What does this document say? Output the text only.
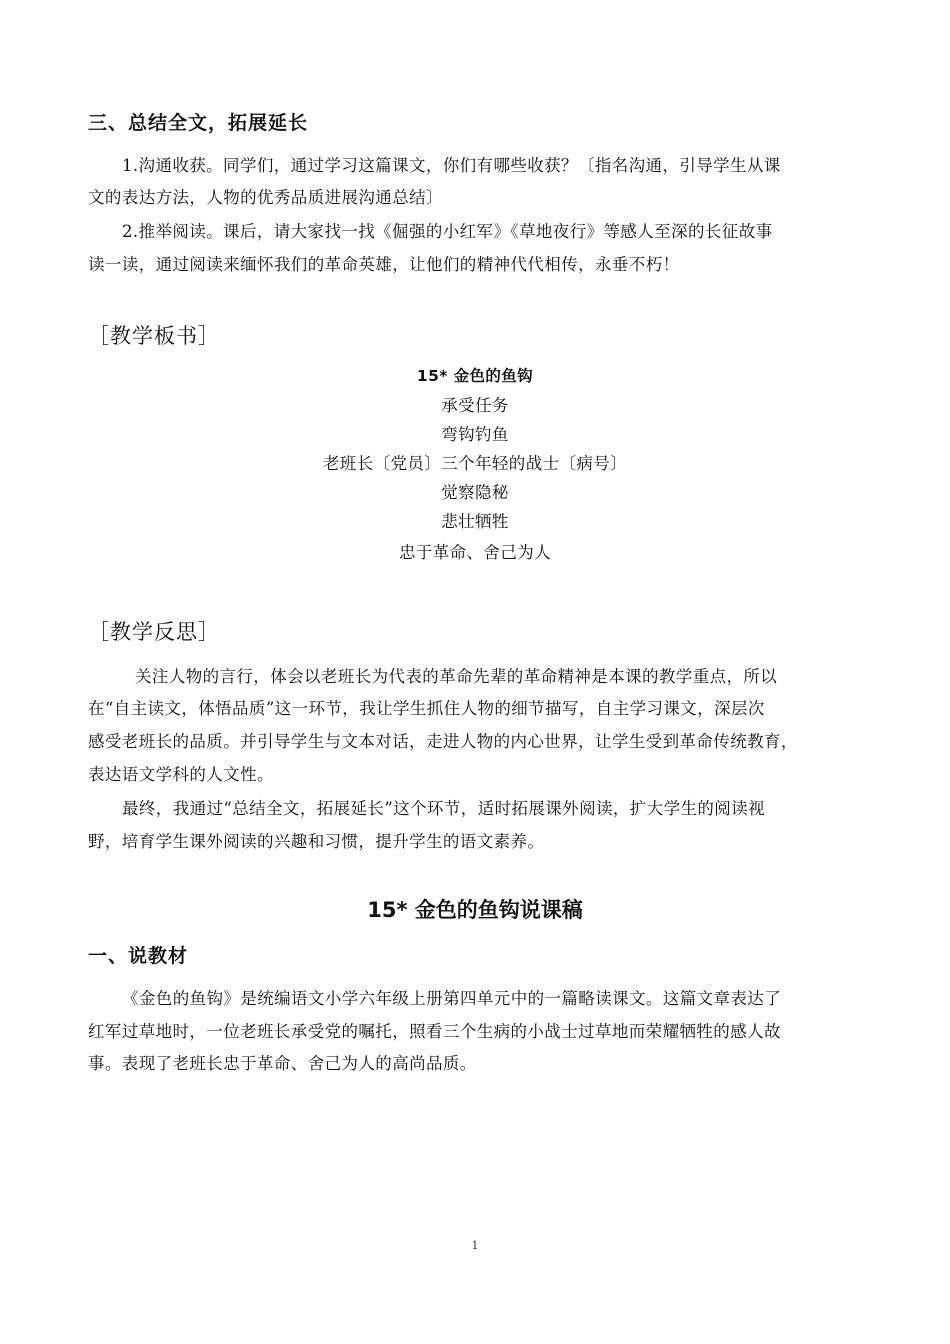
三、总结全文，拓展延长
1.沟通收获。同学们，通过学习这篇课文，你们有哪些收获？〔指名沟通，引导学生从课
文的表达方法，人物的优秀品质进展沟通总结〕
2.推举阅读。课后，请大家找一找《倔强的小红军》《草地夜行》等感人至深的长征故事
读一读，通过阅读来缅怀我们的革命英雄，让他们的精神代代相传，永垂不朽！
［教学板书］
15* 金色的鱼钩
承受任务
弯钩钓鱼
老班长〔党员〕三个年轻的战士〔病号〕
觉察隐秘
悲壮牺牲
忠于革命、舍己为人
［教学反思］
关注人物的言行，体会以老班长为代表的革命先辈的革命精神是本课的教学重点，所以
在“自主读文，体悟品质”这一环节，我让学生抓住人物的细节描写，自主学习课文，深层次
感受老班长的品质。并引导学生与文本对话，走进人物的内心世界，让学生受到革命传统教育，
表达语文学科的人文性。
最终，我通过“总结全文，拓展延长”这个环节，适时拓展课外阅读，扩大学生的阅读视
野，培育学生课外阅读的兴趣和习惯，提升学生的语文素养。
15* 金色的鱼钩说课稿
一、说教材
《金色的鱼钩》是统编语文小学六年级上册第四单元中的一篇略读课文。这篇文章表达了
红军过草地时，一位老班长承受党的嘱托，照看三个生病的小战士过草地而荣耀牺牲的感人故
事。表现了老班长忠于革命、舍己为人的高尚品质。
1
